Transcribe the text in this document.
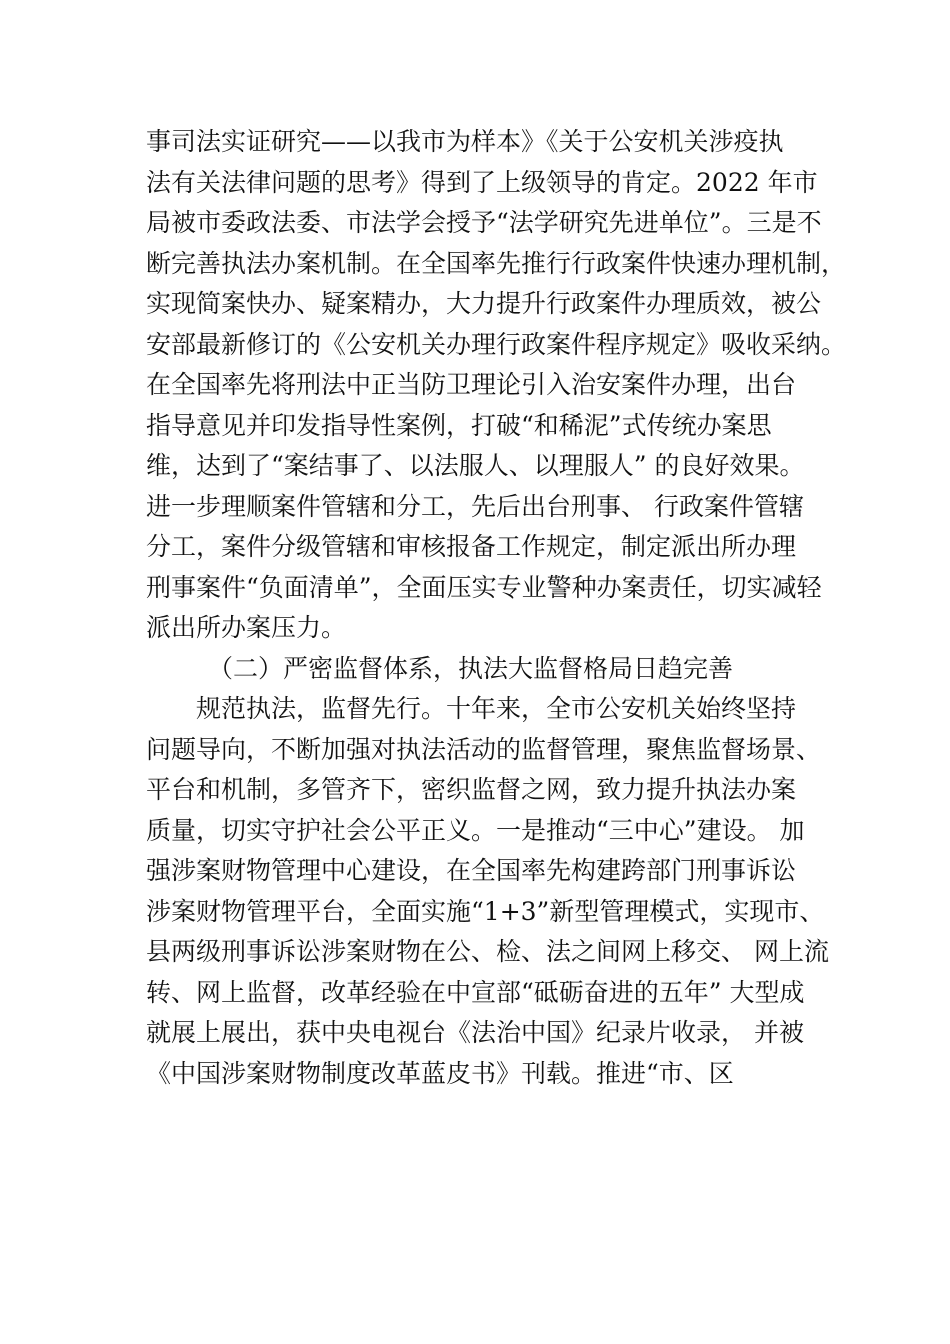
事司法实证研究——以我市为样本》《关于公安机关涉疫执
法有关法律问题的思考》得到了上级领导的肯定。2022 年市
局被市委政法委、市法学会授予“法学研究先进单位”。三是不
断完善执法办案机制。在全国率先推行行政案件快速办理机制，
实现简案快办、疑案精办，大力提升行政案件办理质效，被公
安部最新修订的《公安机关办理行政案件程序规定》吸收采纳。
在全国率先将刑法中正当防卫理论引入治安案件办理，出台
指导意见并印发指导性案例，打破“和稀泥”式传统办案思
维，达到了“案结事了、以法服人、以理服人” 的良好效果。
进一步理顺案件管辖和分工，先后出台刑事、 行政案件管辖
分工，案件分级管辖和审核报备工作规定，制定派出所办理
刑事案件“负面清单”，全面压实专业警种办案责任，切实减轻
派出所办案压力。
（二）严密监督体系，执法大监督格局日趋完善
规范执法，监督先行。十年来，全市公安机关始终坚持
问题导向，不断加强对执法活动的监督管理，聚焦监督场景、
平台和机制，多管齐下，密织监督之网，致力提升执法办案
质量，切实守护社会公平正义。一是推动“三中心”建设。 加
强涉案财物管理中心建设，在全国率先构建跨部门刑事诉讼
涉案财物管理平台，全面实施“1+3”新型管理模式，实现市、
县两级刑事诉讼涉案财物在公、检、法之间网上移交、 网上流
转、网上监督，改革经验在中宣部“砥砺奋进的五年” 大型成
就展上展出，获中央电视台《法治中国》纪录片收录， 并被
《中国涉案财物制度改革蓝皮书》刊载。推进“市、区
